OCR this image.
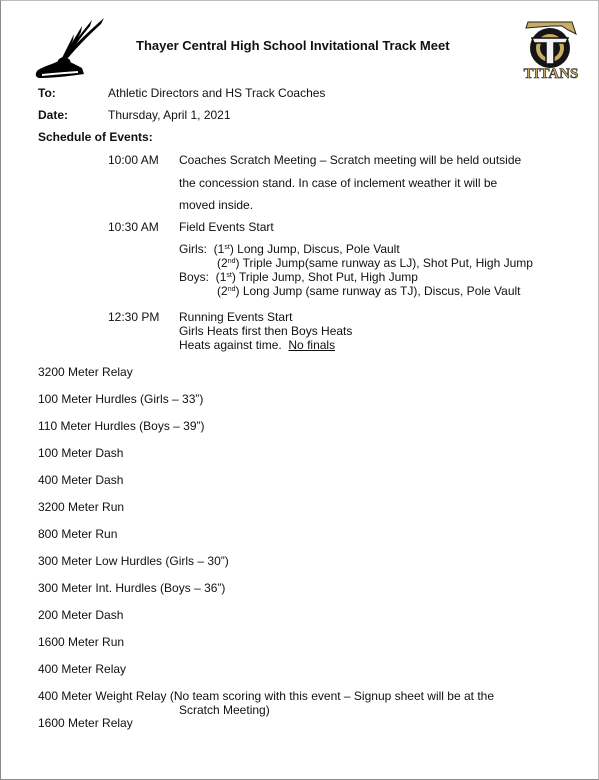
Thayer Central High School Invitational Track Meet
TITANS
To:	Athletic Directors and HS Track Coaches
Date:	Thursday, April 1, 2021
Schedule of Events:
10:00 AM Coaches Scratch Meeting – Scratch meeting will be held outside
the concession stand. In case of inclement weather it will be
moved inside.
10:30 AM Field Events Start
Girls:  (1st) Long Jump, Discus, Pole Vault
(2nd) Triple Jump(same runway as LJ), Shot Put, High Jump
Boys:  (1st) Triple Jump, Shot Put, High Jump
(2nd) Long Jump (same runway as TJ), Discus, Pole Vault
12:30 PM Running Events Start
Girls Heats first then Boys Heats
Heats against time. No finals
3200 Meter Relay
100 Meter Hurdles (Girls – 33”)
110 Meter Hurdles (Boys – 39”)
100 Meter Dash
400 Meter Dash
3200 Meter Run
800 Meter Run
300 Meter Low Hurdles (Girls – 30”)
300 Meter Int. Hurdles (Boys – 36”)
200 Meter Dash
1600 Meter Run
400 Meter Relay
400 Meter Weight Relay (No team scoring with this event – Signup sheet will be at the
Scratch Meeting)
1600 Meter Relay
